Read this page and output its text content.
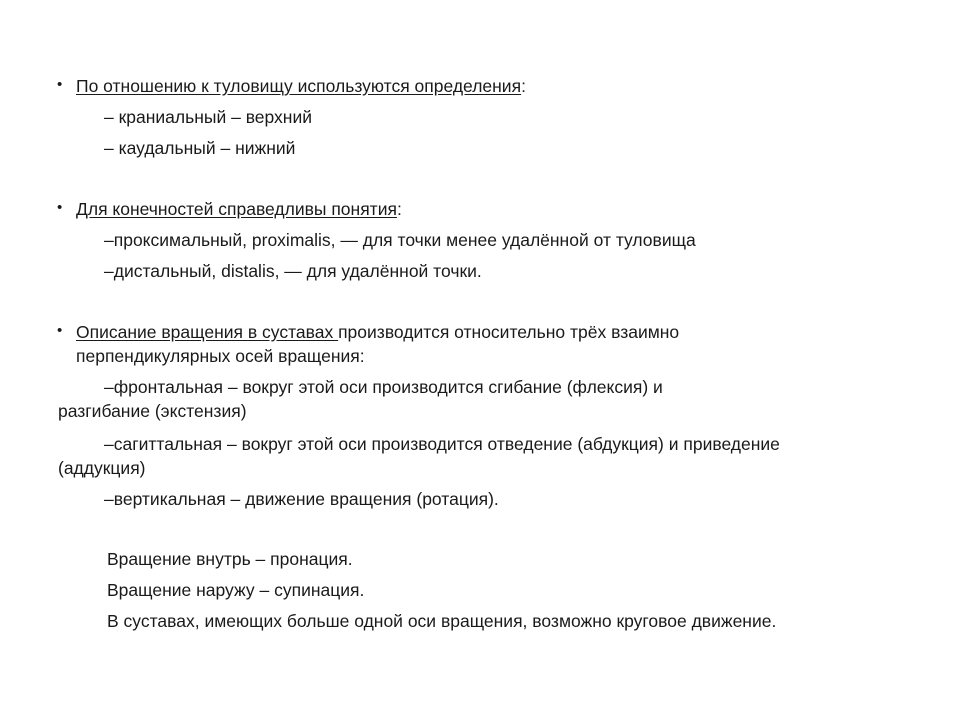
• По отношению к туловищу используются определения:
– краниальный – верхний
– каудальный – нижний
• Для конечностей справедливы понятия:
–проксимальный, proximalis, — для точки менее удалённой от туловища
–дистальный, distalis, — для удалённой точки.
• Описание вращения в суставах производится относительно трёх взаимно
перпендикулярных осей вращения:
–фронтальная – вокруг этой оси производится сгибание (флексия) и
разгибание (экстензия)
–сагиттальная – вокруг этой оси производится отведение (абдукция) и приведение
(аддукция)
–вертикальная – движение вращения (ротация).
Вращение внутрь – пронация.
Вращение наружу – супинация.
В суставах, имеющих больше одной оси вращения, возможно круговое движение.
